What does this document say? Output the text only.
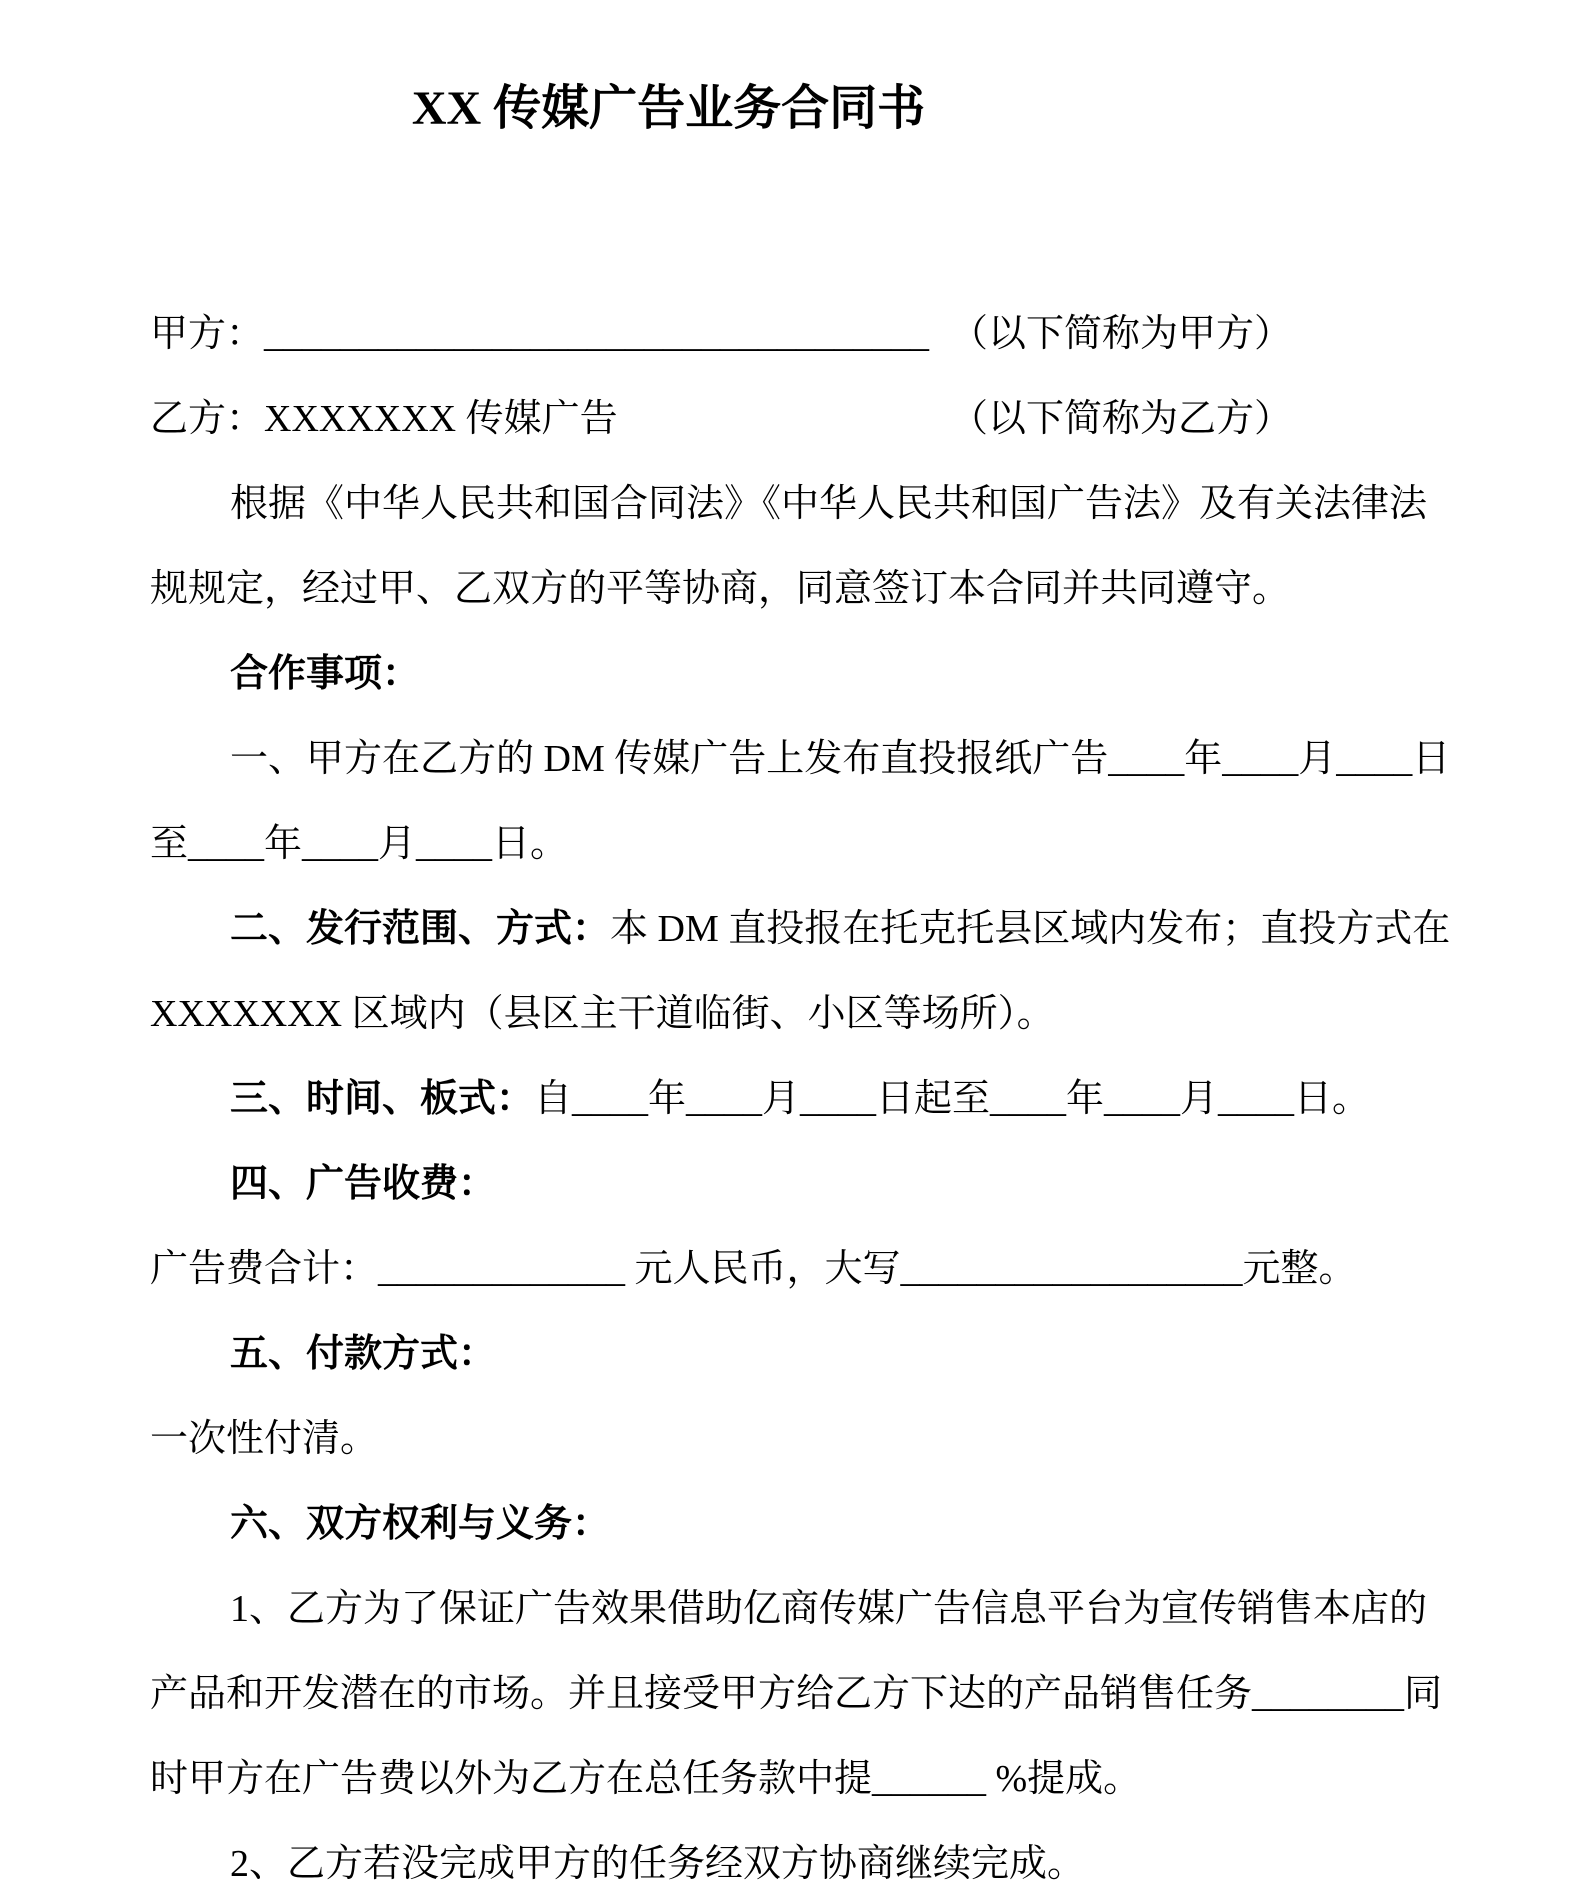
XX 传媒广告业务合同书
甲方：___________________________________ （以下简称为甲方）
乙方：XXXXXXX 传媒广告	（以下简称为乙方）
根据《中华人民共和国合同法》《中华人民共和国广告法》及有关法律法
规规定，经过甲、乙双方的平等协商，同意签订本合同并共同遵守。
合作事项：
一、甲方在乙方的 DM 传媒广告上发布直投报纸广告____年____月____日
至____年____月____日。
二、发行范围、方式：本 DM 直投报在托克托县区域内发布；直投方式在
XXXXXXX 区域内（县区主干道临街、小区等场所）。
三、时间、板式：自____年____月____日起至____年____月____日。
四、广告收费：
广告费合计：_____________ 元人民币，大写__________________元整。
五、付款方式：
一次性付清。
六、双方权利与义务：
1、乙方为了保证广告效果借助亿商传媒广告信息平台为宣传销售本店的
产品和开发潜在的市场。并且接受甲方给乙方下达的产品销售任务________同
时甲方在广告费以外为乙方在总任务款中提______ %提成。
2、乙方若没完成甲方的任务经双方协商继续完成。
